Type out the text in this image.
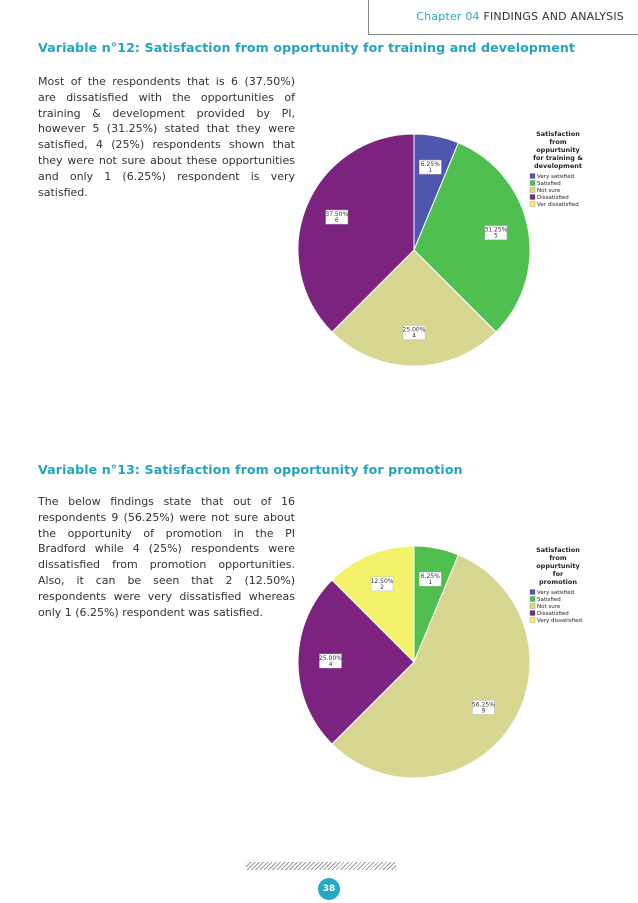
Chapter 04 FINDINGS AND ANALYSIS
Variable n°12: Satisfaction from opportunity for training and development
Most of the respondents that is 6 (37.50%) are dissatisfied with the opportunities of training & development provided by PI, however 5 (31.25%) stated that they were satisfied, 4 (25%) respondents shown that they were not sure about these opportunities and only 1 (6.25%) respondent is very satisfied.
6.25%
1
31.25%
5
25.00%
4
37.50%
6
Satisfaction
from
oppurtunity
for training &
development
Very satisfied
Satisfied
Not sure
Dissatisfied
Ver dissatisfied
Variable n°13: Satisfaction from opportunity for promotion
The below findings state that out of 16 respondents 9 (56.25%) were not sure about the opportunity of promotion in the PI Bradford while 4 (25%) respondents were dissatisfied from promotion opportunities. Also, it can be seen that 2 (12.50%) respondents were very dissatisfied whereas only 1 (6.25%) respondent was satisfied.
6.25%
1
56.25%
9
25.00%
4
12.50%
2
Satisfaction
from
oppurtunity
for
promotion
Very satisfied
Satisfied
Not sure
Dissatisfied
Very dissatisfied
38
